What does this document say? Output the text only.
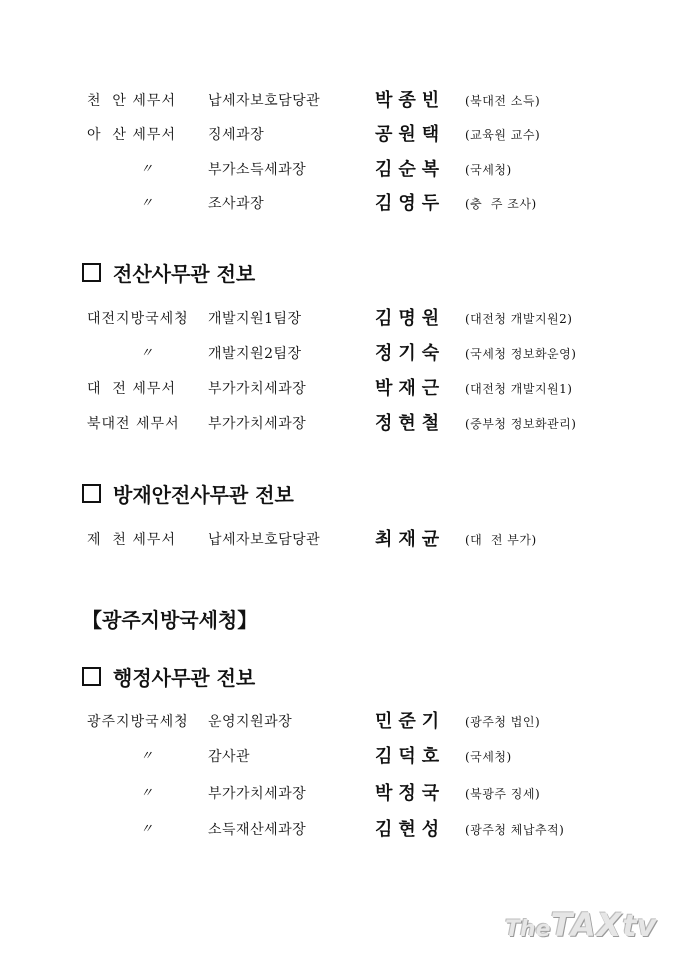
천  안 세무서 납세자보호담당관	박종빈 (북대전 소득)
아  산 세무서 징세과장	공원택 (교육원 교수)
〃	부가소득세과장	김순복 (국세청)
〃	조사과장	김영두 (충  주 조사)
전산사무관 전보
대전지방국세청 개발지원1팀장	김명원 (대전청 개발지원2)
〃	개발지원2팀장	정기숙 (국세청 정보화운영)
대  전 세무서 부가가치세과장	박재근 (대전청 개발지원1)
북대전 세무서 부가가치세과장	정현철 (중부청 정보화관리)
방재안전사무관 전보
제  천 세무서 납세자보호담당관	최재균 (대  전 부가)
【광주지방국세청】
행정사무관 전보
광주지방국세청 운영지원과장	민준기 (광주청 법인)
〃	감사관	김덕호 (국세청)
〃	부가가치세과장	박정국 (북광주 징세)
〃	소득재산세과장	김현성 (광주청 체납추적)
TheTAXtv
